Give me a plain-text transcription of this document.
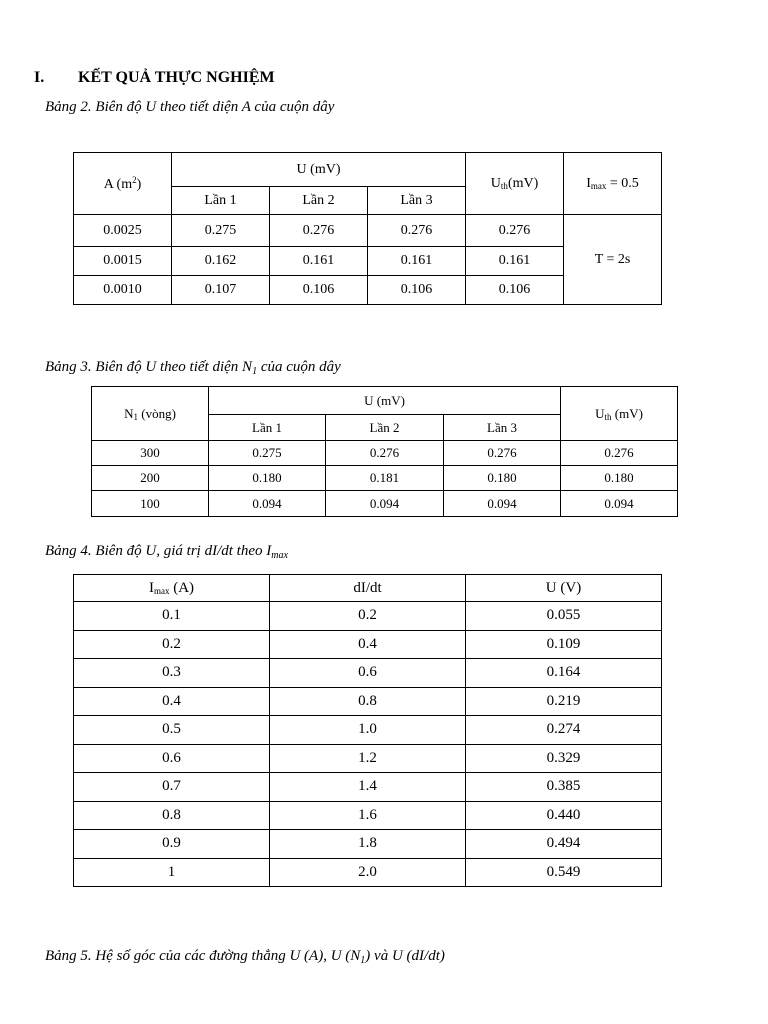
I. KẾT QUẢ THỰC NGHIỆM
Bảng 2. Biên độ U theo tiết diện A của cuộn dây
A $(m^2)$	U (mV)			$U_{th}(mV)$	$I_{max} = 0.5$
	Lần 1	Lần 2	Lần 3		
0.0025	0.275	0.276	0.276	0.276	T = 2s
0.0015	0.162	0.161	0.161	0.161	
0.0010	0.107	0.106	0.106	0.106	
Bảng 3. Biên độ U theo tiết diện $N_1$ của cuộn dây
$N_1$ (vòng)	U (mV)			$U_{th}$ (mV)
	Lần 1	Lần 2	Lần 3	
300	0.275	0.276	0.276	0.276
200	0.180	0.181	0.180	0.180
100	0.094	0.094	0.094	0.094
Bảng 4. Biên độ U, giá trị dI/dt theo $I_{max}$
$I_{max}$ (A)	dI/dt	U (V)
0.1	0.2	0.055
0.2	0.4	0.109
0.3	0.6	0.164
0.4	0.8	0.219
0.5	1.0	0.274
0.6	1.2	0.329
0.7	1.4	0.385
0.8	1.6	0.440
0.9	1.8	0.494
1	2.0	0.549
Bảng 5. Hệ số góc của các đường thẳng U (A), U $(N_1)$ và U (dI/dt)
